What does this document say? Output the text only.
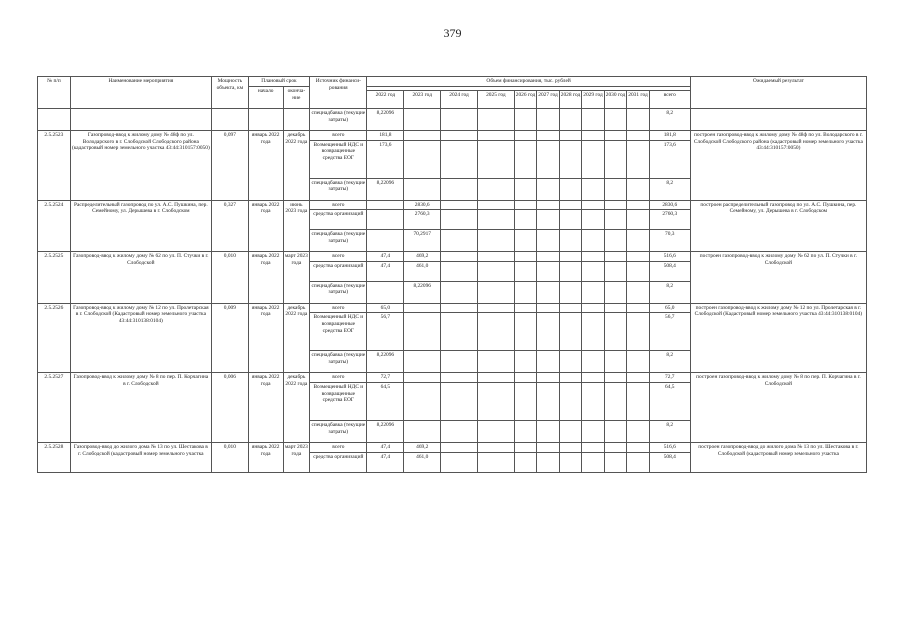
379
№ п/п	Наименование мероприятия	Мощность объекта, км	Плановый срок		Источник финанси- рования	Объем финансирования, тыс. рублей											Ожидаемый результат
			начало	оконча- ние													
						2022 год	2023 год	2024 год	2025 год	2026 год	2027 год	2028 год	2029 год	2030 год	2031 год	всего	
					спецнадбавка (текущие затраты)	8,22096										8,2	
2.5.2523	Газопровод-ввод к жилому дому № 48ф по ул. Володарского в г. Слободской Слободского района (кадастровый номер земельного участка 43:44:310157:0050)	0,097	январь 2022 года	декабрь 2022 года	всего	181,8										181,8	построен газопровод-ввод к жилому дому № 48ф по ул. Володарского в г. Слободской Слободского района (кадастровый номер земельного участка 43:44:310157:0050)
					Возмещенный НДС и возвращенные средства ЕОГ	173,6										173,6	
					спецнадбавка (текущие затраты)	8,22096										8,2	
2.5.2524	Распределительный газопровод по ул. А.С. Пушкина, пер. Семейному, ул. Дерышева в г. Слободском	0,327	январь 2022 года	июнь 2023 года	всего		2830,6									2830,6	построен распределительный газопровод по ул. А.С. Пушкина, пер. Семейному, ул. Дерышева в г. Слободском
					средства организаций		2760,3									2760,3	
					спецнадбавка (текущие затраты)		70,2917									70,3	
2.5.2525	Газопровод-ввод к жилому дому № 62 по ул. П. Стучки в г. Слободской	0,010	январь 2022 года	март 2023 года	всего	47,4	469,2									516,6	построен газопровод-ввод к жилому дому № 62 по ул. П. Стучки в г. Слободской
					средства организаций	47,4	461,0									508,4	
					спецнадбавка (текущие затраты)		8,22096									8,2	
2.5.2526	Газопровод-ввод к жилому дому № 12 по ул. Пролетарская в г. Слободской (Кадастровый номер земельного участка 43:44:310138:0104)	0,009	январь 2022 года	декабрь 2022 года	всего	65,0										65,0	построен газопровод-ввод к жилому дому № 12 по ул. Пролетарская в г. Слободской (Кадастровый номер земельного участка 43:44:310138:0104)
					Возмещенный НДС и возвращенные средства ЕОГ	56,7										56,7	
					спецнадбавка (текущие затраты)	8,22096										8,2	
2.5.2527	Газопровод-ввод к жилому дому № 8 по пер. П. Корчагина в г. Слободской	0,006	январь 2022 года	декабрь 2022 года	всего	72,7										72,7	построен газопровод-ввод к жилому дому № 8 по пер. П. Корчагина в г. Слободской
					Возмещенный НДС и возвращенные средства ЕОГ	64,5										64,5	
					спецнадбавка (текущие затраты)	8,22096										8,2	
2.5.2528	Газопровод-ввод до жилого дома № 13 по ул. Шестакова в г. Слободской (кадастровый номер земельного участка	0,010	январь 2022 года	март 2023 года	всего	47,4	469,2									516,6	построен газопровод-ввод до жилого дома № 13 по ул. Шестакова в г. Слободской (кадастровый номер земельного участка
					средства организаций	47,4	461,0									508,4	
